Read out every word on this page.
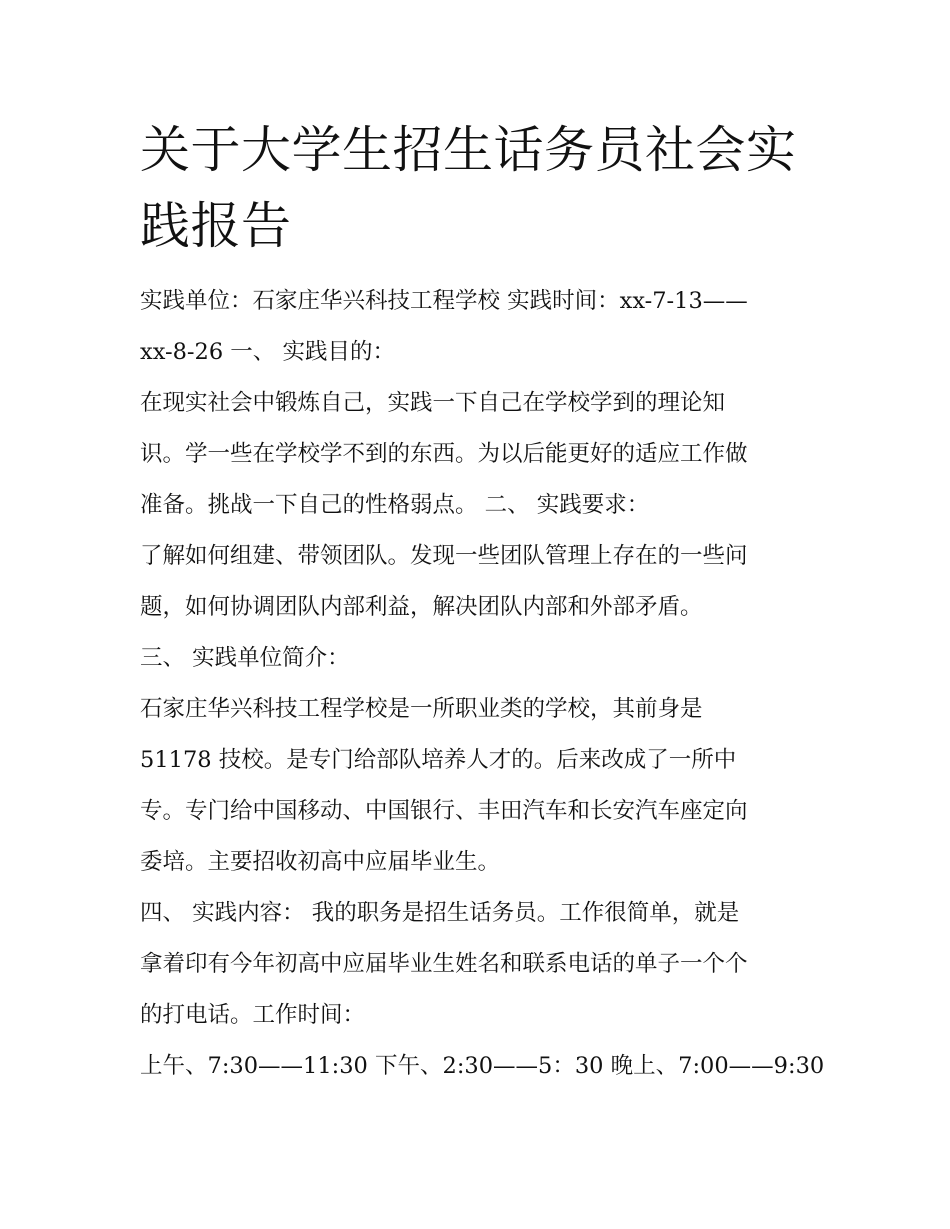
关于大学生招生话务员社会实
践报告
实践单位：石家庄华兴科技工程学校 实践时间：xx-7-13——
xx-8-26 一、 实践目的：
在现实社会中锻炼自己，实践一下自己在学校学到的理论知
识。学一些在学校学不到的东西。为以后能更好的适应工作做
准备。挑战一下自己的性格弱点。 二、 实践要求：
了解如何组建、带领团队。发现一些团队管理上存在的一些问
题，如何协调团队内部利益，解决团队内部和外部矛盾。
三、 实践单位简介：
石家庄华兴科技工程学校是一所职业类的学校，其前身是
51178 技校。是专门给部队培养人才的。后来改成了一所中
专。专门给中国移动、中国银行、丰田汽车和长安汽车座定向
委培。主要招收初高中应届毕业生。
四、 实践内容： 我的职务是招生话务员。工作很简单，就是
拿着印有今年初高中应届毕业生姓名和联系电话的单子一个个
的打电话。工作时间：
上午、7:30——11:30 下午、2:30——5：30 晚上、7:00——9:30
